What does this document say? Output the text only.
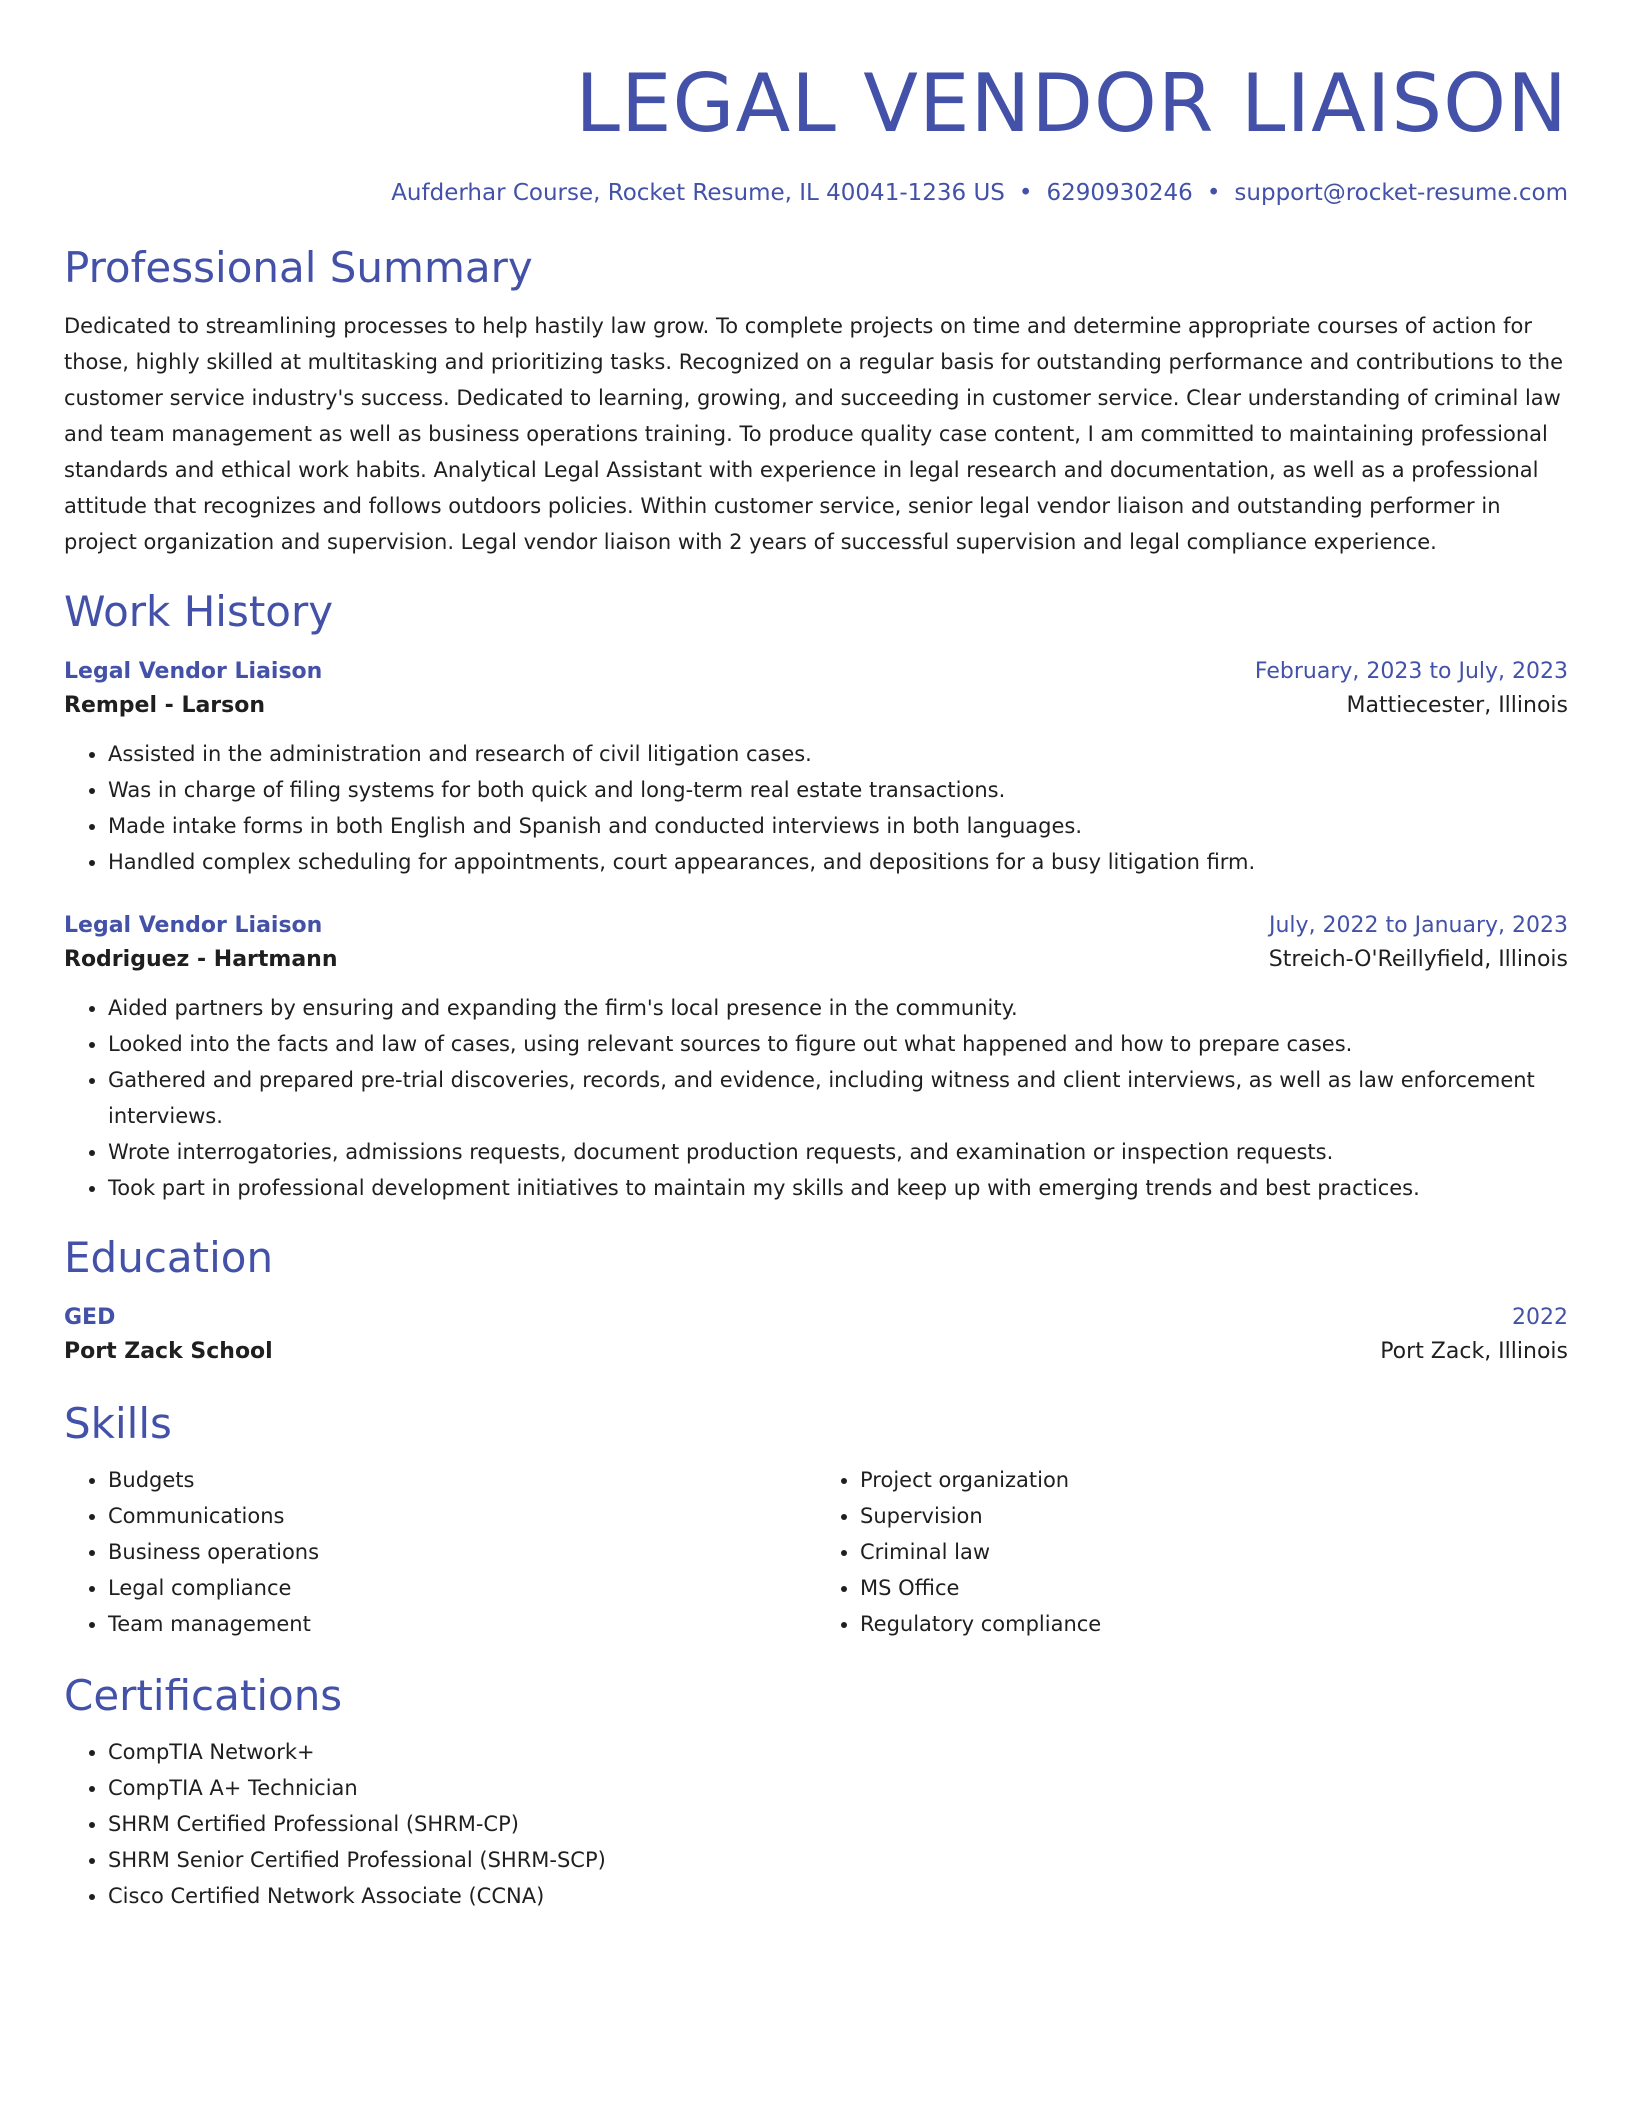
LEGAL VENDOR LIAISON
Aufderhar Course, Rocket Resume, IL 40041-1236 US • 6290930246 • support@rocket-resume.com
Professional Summary
Dedicated to streamlining processes to help hastily law grow. To complete projects on time and determine appropriate courses of action for those, highly skilled at multitasking and prioritizing tasks. Recognized on a regular basis for outstanding performance and contributions to the customer service industry's success. Dedicated to learning, growing, and succeeding in customer service. Clear understanding of criminal law and team management as well as business operations training. To produce quality case content, I am committed to maintaining professional standards and ethical work habits. Analytical Legal Assistant with experience in legal research and documentation, as well as a professional attitude that recognizes and follows outdoors policies. Within customer service, senior legal vendor liaison and outstanding performer in project organization and supervision. Legal vendor liaison with 2 years of successful supervision and legal compliance experience.
Work History
Legal Vendor Liaison	February, 2023 to July, 2023
Rempel - Larson	Mattiecester, Illinois
• Assisted in the administration and research of civil litigation cases.
• Was in charge of filing systems for both quick and long-term real estate transactions.
• Made intake forms in both English and Spanish and conducted interviews in both languages.
• Handled complex scheduling for appointments, court appearances, and depositions for a busy litigation firm.
Legal Vendor Liaison	July, 2022 to January, 2023
Rodriguez - Hartmann	Streich-O'Reillyfield, Illinois
• Aided partners by ensuring and expanding the firm's local presence in the community.
• Looked into the facts and law of cases, using relevant sources to figure out what happened and how to prepare cases.
• Gathered and prepared pre-trial discoveries, records, and evidence, including witness and client interviews, as well as law enforcement interviews.
• Wrote interrogatories, admissions requests, document production requests, and examination or inspection requests.
• Took part in professional development initiatives to maintain my skills and keep up with emerging trends and best practices.
Education
GED	2022
Port Zack School	Port Zack, Illinois
Skills
• Budgets
• Communications
• Business operations
• Legal compliance
• Team management
• Project organization
• Supervision
• Criminal law
• MS Office
• Regulatory compliance
Certifications
• CompTIA Network+
• CompTIA A+ Technician
• SHRM Certified Professional (SHRM-CP)
• SHRM Senior Certified Professional (SHRM-SCP)
• Cisco Certified Network Associate (CCNA)
